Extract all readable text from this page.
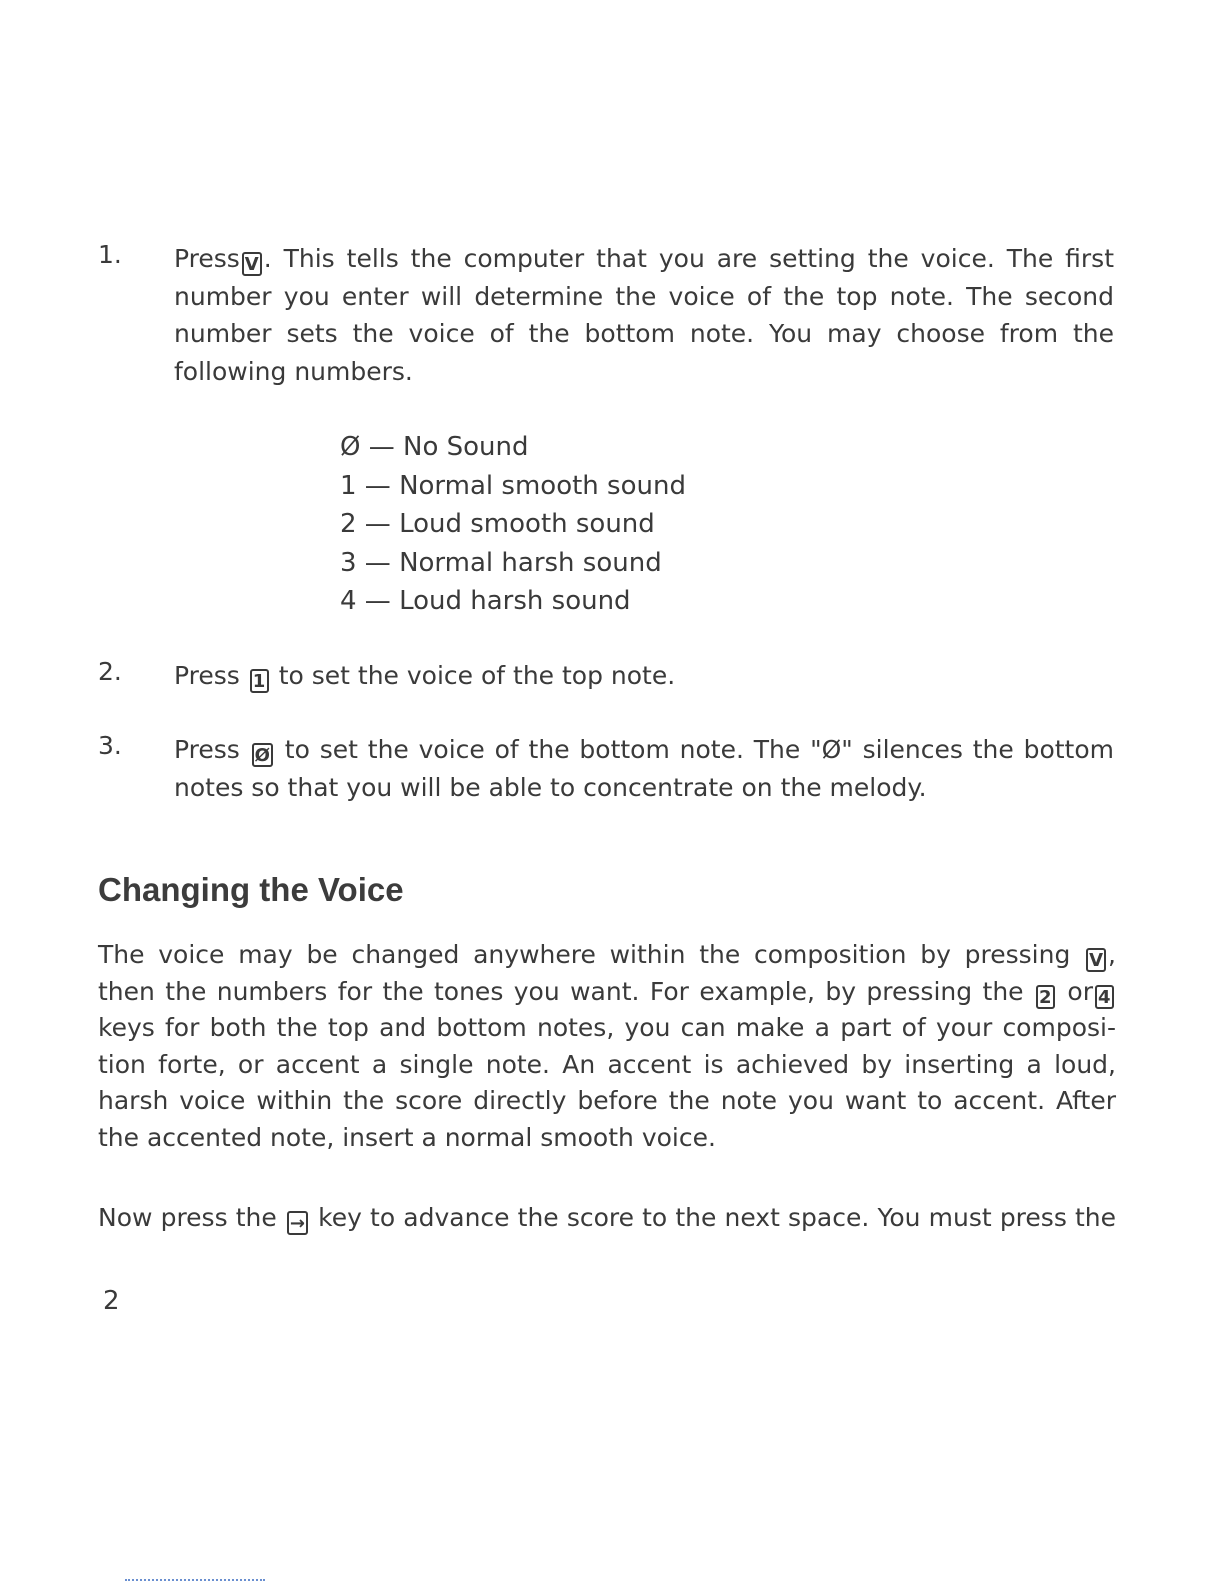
1. Press V . This tells the computer that you are setting the voice. The first
number you enter will determine the voice of the top note. The second
number sets the voice of the bottom note. You may choose from the
following numbers.
Ø — No Sound
1 — Normal smooth sound
2 — Loud smooth sound
3 — Normal harsh sound
4 — Loud harsh sound
2. Press 1 to set the voice of the top note.
3. Press Ø to set the voice of the bottom note. The "Ø" silences the bottom
notes so that you will be able to concentrate on the melody.
Changing the Voice
The voice may be changed anywhere within the composition by pressing V ,
then the numbers for the tones you want. For example, by pressing the 2 or 4
keys for both the top and bottom notes, you can make a part of your composi-
tion forte, or accent a single note. An accent is achieved by inserting a loud,
harsh voice within the score directly before the note you want to accent. After
the accented note, insert a normal smooth voice.
Now press the → key to advance the score to the next space. You must press the
2
